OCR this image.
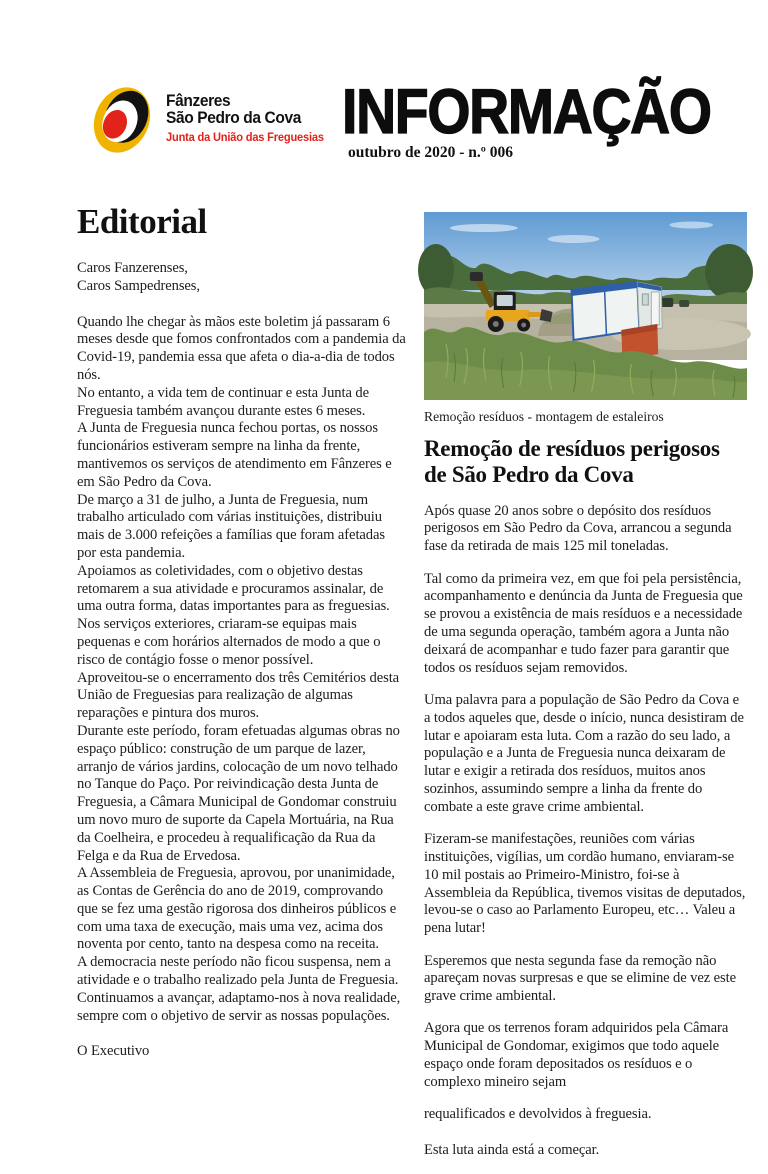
Fânzeres
São Pedro da Cova
Junta da União das Freguesias INFORMAÇÃO
outubro de 2020 - n.º 006
Editorial

Caros Fanzerenses,

Caros Sampedrenses,

Quando lhe chegar às mãos este boletim já passaram 6 meses desde que fomos confrontados com a pandemia da Covid-19, pandemia essa que afeta o dia-a-dia de todos nós.

No entanto, a vida tem de continuar e esta Junta de Freguesia também avançou durante estes 6 meses.

A Junta de Freguesia nunca fechou portas, os nossos funcionários estiveram sempre na linha da frente, mantivemos os serviços de atendimento em Fânzeres e em São Pedro da Cova.

De março a 31 de julho, a Junta de Freguesia, num trabalho articulado com várias instituições, distribuiu mais de 3.000 refeições a famílias que foram afetadas por esta pandemia.

Apoiamos as coletividades, com o objetivo destas retomarem a sua atividade e procuramos assinalar, de uma outra forma, datas importantes para as freguesias.

Nos serviços exteriores, criaram-se equipas mais pequenas e com horários alternados de modo a que o risco de contágio fosse o menor possível.

Aproveitou-se o encerramento dos três Cemitérios desta União de Freguesias para realização de algumas reparações e pintura dos muros.

Durante este período, foram efetuadas algumas obras no espaço público: construção de um parque de lazer, arranjo de vários jardins, colocação de um novo telhado no Tanque do Paço. Por reivindicação desta Junta de Freguesia, a Câmara Municipal de Gondomar construiu um novo muro de suporte da Capela Mortuária, na Rua da Coelheira, e procedeu à requalificação da Rua da Felga e da Rua de Ervedosa.

A Assembleia de Freguesia, aprovou, por unanimidade, as Contas de Gerência do ano de 2019, comprovando que se fez uma gestão rigorosa dos dinheiros públicos e com uma taxa de execução, mais uma vez, acima dos noventa por cento, tanto na despesa como na receita.

A democracia neste período não ficou suspensa, nem a atividade e o trabalho realizado pela Junta de Freguesia. Continuamos a avançar, adaptamo-nos à nova realidade, sempre com o objetivo de servir as nossas populações.

O Executivo

Remoção resíduos - montagem de estaleiros

Remoção de resíduos perigosos de São Pedro da Cova

Após quase 20 anos sobre o depósito dos resíduos perigosos em São Pedro da Cova, arrancou a segunda fase da retirada de mais 125 mil toneladas.

Tal como da primeira vez, em que foi pela persistência, acompanhamento e denúncia da Junta de Freguesia que se provou a existência de mais resíduos e a necessidade de uma segunda operação, também agora a Junta não deixará de acompanhar e tudo fazer para garantir que todos os resíduos sejam removidos.

Uma palavra para a população de São Pedro da Cova e a todos aqueles que, desde o início, nunca desistiram de lutar e apoiaram esta luta. Com a razão do seu lado, a população e a Junta de Freguesia nunca deixaram de lutar e exigir a retirada dos resíduos, muitos anos sozinhos, assumindo sempre a linha da frente do combate a este grave crime ambiental.

Fizeram-se manifestações, reuniões com várias instituições, vigílias, um cordão humano, enviaram-se 10 mil postais ao Primeiro-Ministro, foi-se à Assembleia da República, tivemos visitas de deputados, levou-se o caso ao Parlamento Europeu, etc… Valeu a pena lutar!

Esperemos que nesta segunda fase da remoção não apareçam novas surpresas e que se elimine de vez este grave crime ambiental.

Agora que os terrenos foram adquiridos pela Câmara Municipal de Gondomar, exigimos que todo aquele espaço onde foram depositados os resíduos e o complexo mineiro sejam

requalificados e devolvidos à freguesia.

Esta luta ainda está a começar.
